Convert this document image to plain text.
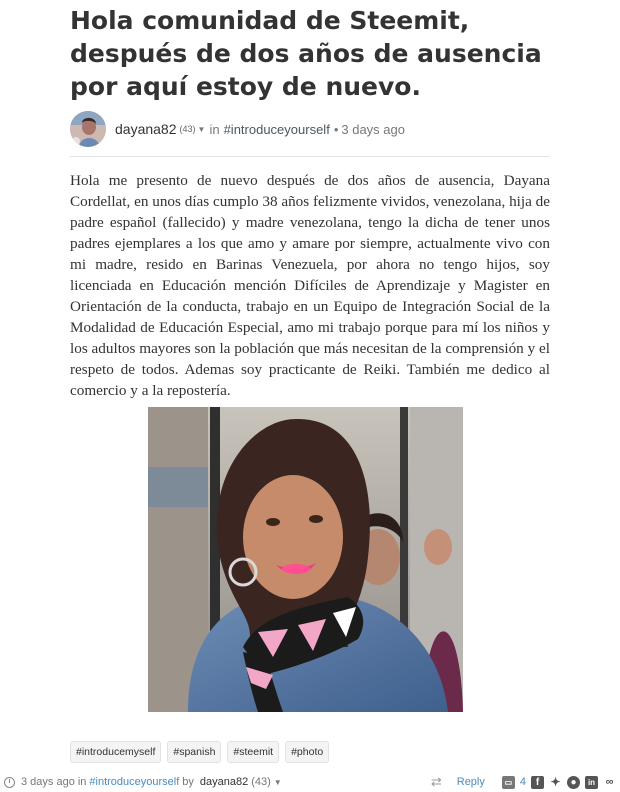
Hola comunidad de Steemit, después de dos años de ausencia por aquí estoy de nuevo.
dayana82 (43) ▼ in #introduceyourself • 3 days ago

Hola me presento de nuevo después de dos años de ausencia, Dayana Cordellat, en unos días cumplo 38 años felizmente vividos, venezolana, hija de padre español (fallecido) y madre venezolana, tengo la dicha de tener unos padres ejemplares a los que amo y amare por siempre, actualmente vivo con mi madre, resido en Barinas Venezuela, por ahora no tengo hijos, soy licenciada en Educación mención Difíciles de Aprendizaje y Magister en Orientación de la conducta, trabajo en un Equipo de Integración Social de la Modalidad de Educación Especial, amo mi trabajo porque para mí los niños y los adultos mayores son la población que más necesitan de la comprensión y el respeto de todos. Ademas soy practicante de Reiki. También me dedico al comercio y a la repostería.

#introducemyself	#spanish	#steemit	#photo
3 days ago in #introduceyourself by dayana82 (43) ▼	⇄ Reply	▭ 4 f ✦ ●	in ∞
